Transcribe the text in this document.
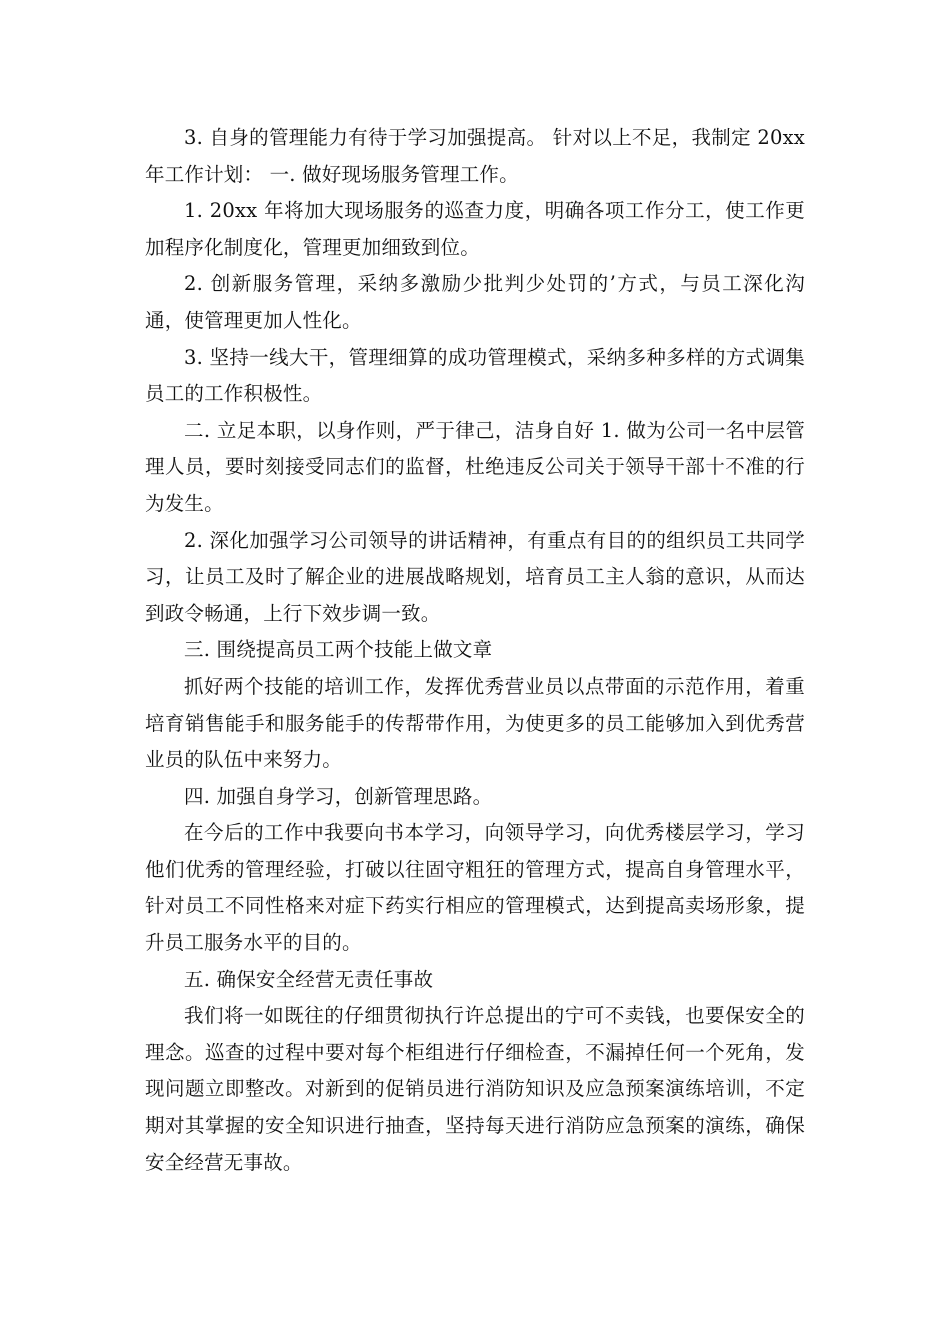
3. 自身的管理能力有待于学习加强提高。 针对以上不足，我制定 20xx 年工作计划： 一. 做好现场服务管理工作。

1. 20xx 年将加大现场服务的巡查力度，明确各项工作分工，使工作更加程序化制度化，管理更加细致到位。

2. 创新服务管理，采纳多激励少批判少处罚的’方式，与员工深化沟通，使管理更加人性化。

3. 坚持一线大干，管理细算的成功管理模式，采纳多种多样的方式调集员工的工作积极性。

二. 立足本职，以身作则，严于律己，洁身自好 1. 做为公司一名中层管理人员，要时刻接受同志们的监督，杜绝违反公司关于领导干部十不准的行为发生。

2. 深化加强学习公司领导的讲话精神，有重点有目的的组织员工共同学习，让员工及时了解企业的进展战略规划，培育员工主人翁的意识，从而达到政令畅通，上行下效步调一致。

三. 围绕提高员工两个技能上做文章

抓好两个技能的培训工作，发挥优秀营业员以点带面的示范作用，着重培育销售能手和服务能手的传帮带作用，为使更多的员工能够加入到优秀营业员的队伍中来努力。

四. 加强自身学习，创新管理思路。

在今后的工作中我要向书本学习，向领导学习，向优秀楼层学习，学习他们优秀的管理经验，打破以往固守粗狂的管理方式，提高自身管理水平，针对员工不同性格来对症下药实行相应的管理模式，达到提高卖场形象，提升员工服务水平的目的。

五. 确保安全经营无责任事故

我们将一如既往的仔细贯彻执行许总提出的宁可不卖钱，也要保安全的理念。巡查的过程中要对每个柜组进行仔细检查，不漏掉任何一个死角，发现问题立即整改。对新到的促销员进行消防知识及应急预案演练培训，不定期对其掌握的安全知识进行抽查，坚持每天进行消防应急预案的演练，确保安全经营无事故。
